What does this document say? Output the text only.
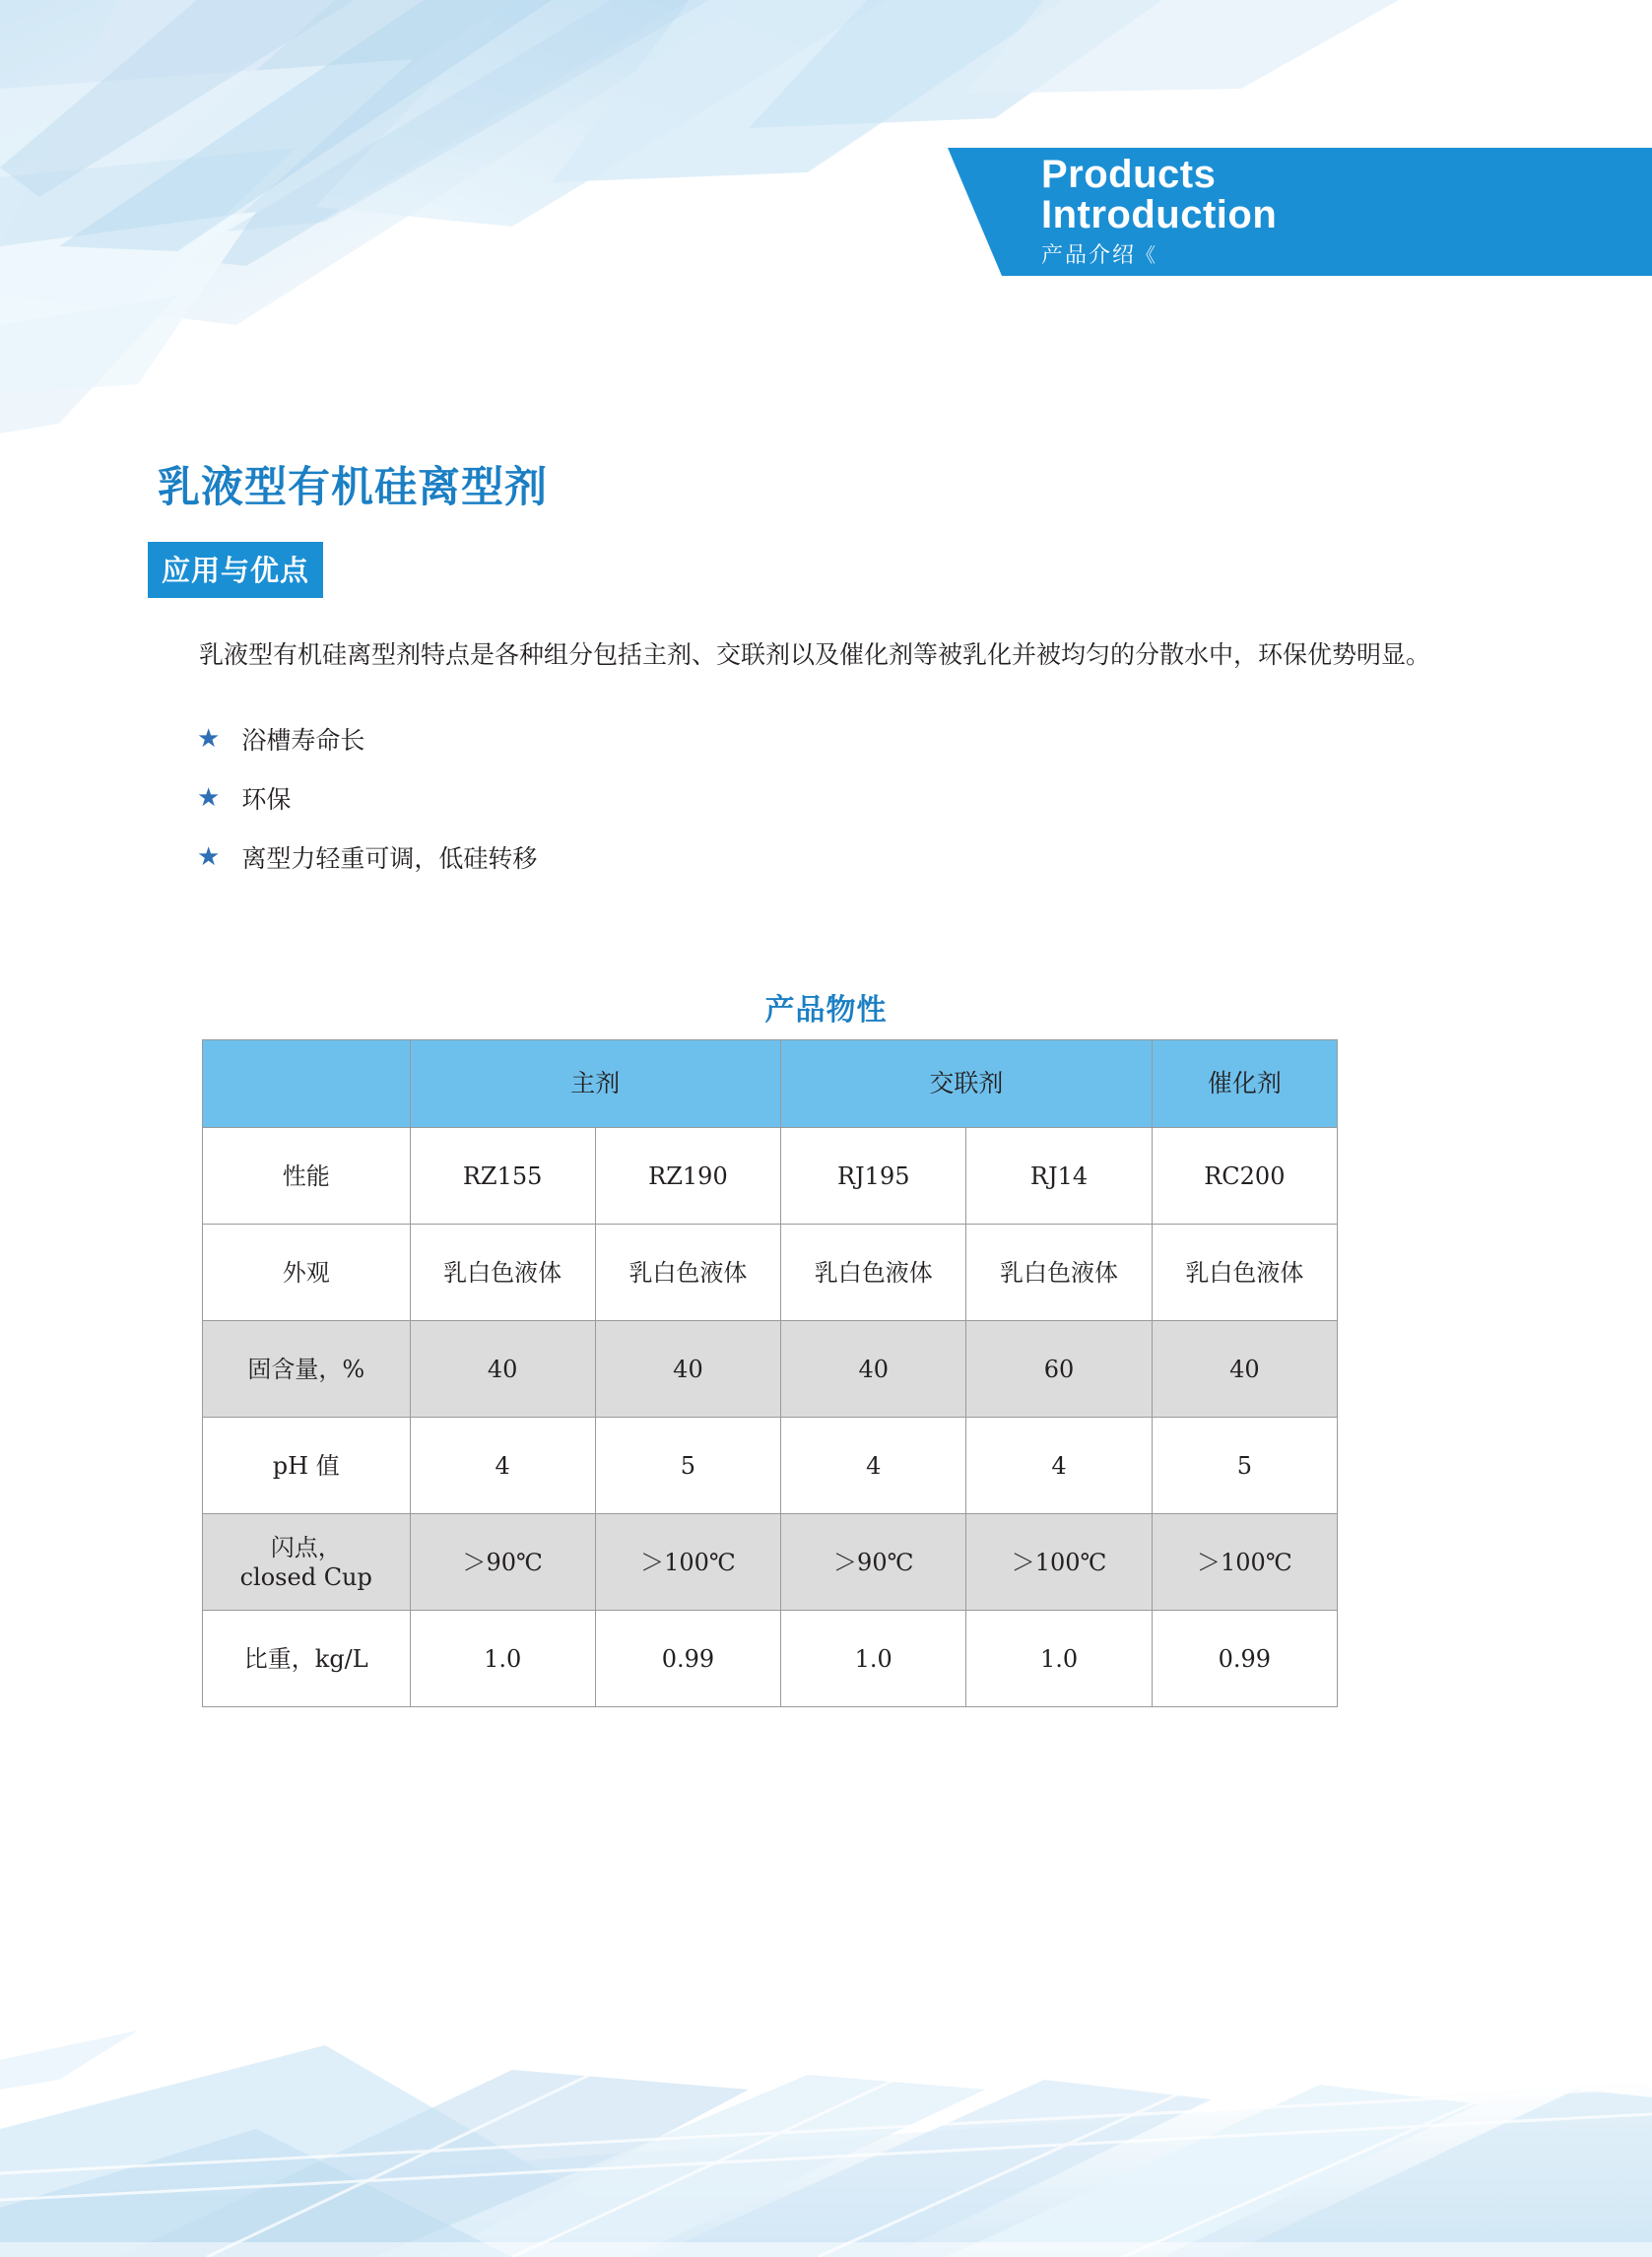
Products
Introduction
产品介绍《
乳液型有机硅离型剂
应用与优点

乳液型有机硅离型剂特点是各种组分包括主剂、交联剂以及催化剂等被乳化并被均匀的分散水中，环保优势明显。

★ 浴槽寿命长
★ 环保
★ 离型力轻重可调，低硅转移
产品物性
	主剂		交联剂		催化剂
性能	RZ155	RZ190	RJ195	RJ14	RC200
外观	乳白色液体	乳白色液体	乳白色液体	乳白色液体	乳白色液体
固含量，%	40	40	40	60	40
pH 值	4	5	4	4	5

闪点，
closed Cup	＞90℃	＞100℃	＞90℃	＞100℃	＞100℃
比重，kg/L	1.0	0.99	1.0	1.0	0.99
